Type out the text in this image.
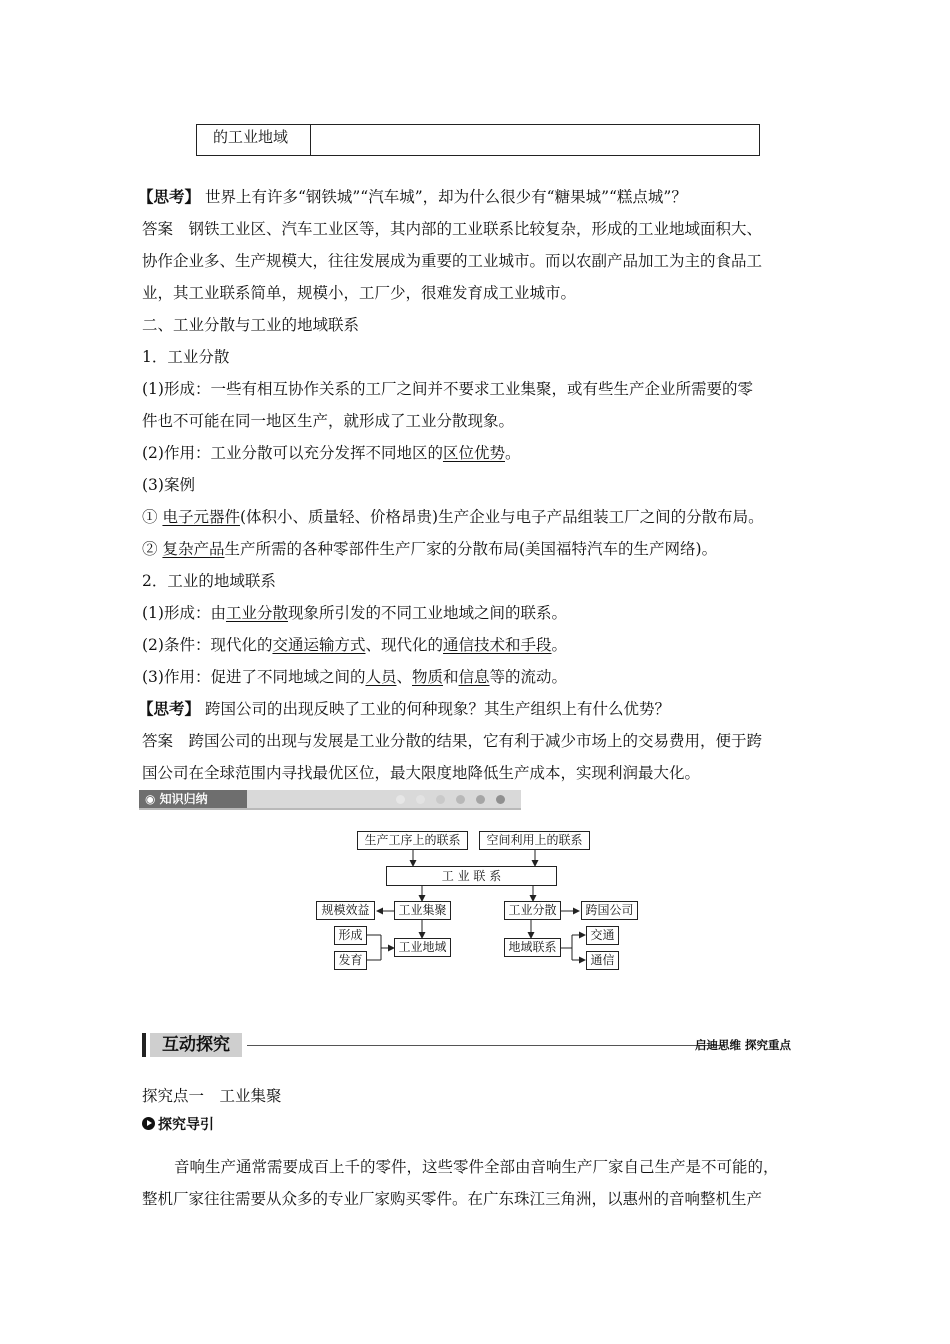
的工业地域
【思考】 世界上有许多“钢铁城”“汽车城”，却为什么很少有“糖果城”“糕点城”？
答案　 钢铁工业区、汽车工业区等，其内部的工业联系比较复杂，形成的工业地域面积大、
协作企业多、生产规模大，往往发展成为重要的工业城市。而以农副产品加工为主的食品工
业，其工业联系简单，规模小，工厂少，很难发育成工业城市。
二、工业分散与工业的地域联系
1．工业分散
(1)形成：一些有相互协作关系的工厂之间并不要求工业集聚，或有些生产企业所需要的零
件也不可能在同一地区生产，就形成了工业分散现象。
(2)作用：工业分散可以充分发挥不同地区的区位优势。
(3)案例
① 电子元器件(体积小、质量轻、价格昂贵)生产企业与电子产品组装工厂之间的分散布局。
② 复杂产品生产所需的各种零部件生产厂家的分散布局(美国福特汽车的生产网络)。
2．工业的地域联系
(1)形成：由工业分散现象所引发的不同工业地域之间的联系。
(2)条件：现代化的交通运输方式、现代化的通信技术和手段。
(3)作用：促进了不同地域之间的人员、物质和信息等的流动。
【思考】 跨国公司的出现反映了工业的何种现象？其生产组织上有什么优势？
答案　 跨国公司的出现与发展是工业分散的结果，它有利于减少市场上的交易费用，便于跨
国公司在全球范围内寻找最优区位，最大限度地降低生产成本，实现利润最大化。
◉ 知识归纳
生产工序上的联系	空间利用上的联系
工 业 联 系
规模效益	工业集聚
形成
发育
工业地域
工业分散	跨国公司
地域联系
交通
通信
互动探究	启迪思维 探究重点
探究点一　工业集聚
探究导引
音响生产通常需要成百上千的零件，这些零件全部由音响生产厂家自己生产是不可能的，
整机厂家往往需要从众多的专业厂家购买零件。在广东珠江三角洲，以惠州的音响整机生产
